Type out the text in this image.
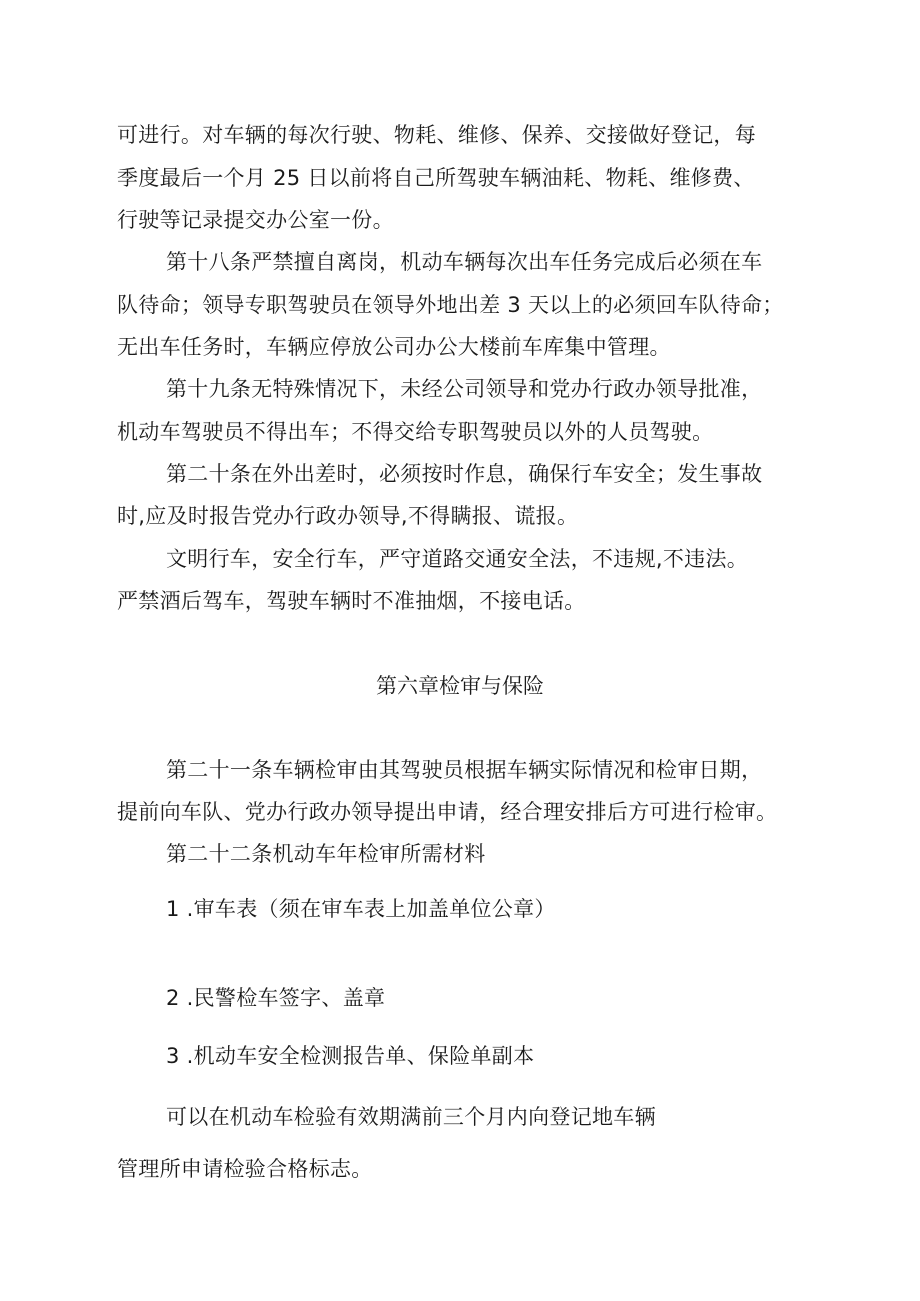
可进行。对车辆的每次行驶、物耗、维修、保养、交接做好登记，每
季度最后一个月 25 日以前将自己所驾驶车辆油耗、物耗、维修费、
行驶等记录提交办公室一份。
第十八条严禁擅自离岗，机动车辆每次出车任务完成后必须在车
队待命；领导专职驾驶员在领导外地出差 3 天以上的必须回车队待命；
无出车任务时，车辆应停放公司办公大楼前车库集中管理。
第十九条无特殊情况下，未经公司领导和党办行政办领导批准，
机动车驾驶员不得出车；不得交给专职驾驶员以外的人员驾驶。
第二十条在外出差时，必须按时作息，确保行车安全；发生事故
时,应及时报告党办行政办领导,不得瞒报、谎报。
文明行车，安全行车，严守道路交通安全法，不违规,不违法。
严禁酒后驾车，驾驶车辆时不准抽烟，不接电话。
第六章检审与保险
第二十一条车辆检审由其驾驶员根据车辆实际情况和检审日期，
提前向车队、党办行政办领导提出申请，经合理安排后方可进行检审。
第二十二条机动车年检审所需材料
1 .审车表（须在审车表上加盖单位公章）
2 .民警检车签字、盖章
3 .机动车安全检测报告单、保险单副本
可以在机动车检验有效期满前三个月内向登记地车辆
管理所申请检验合格标志。
